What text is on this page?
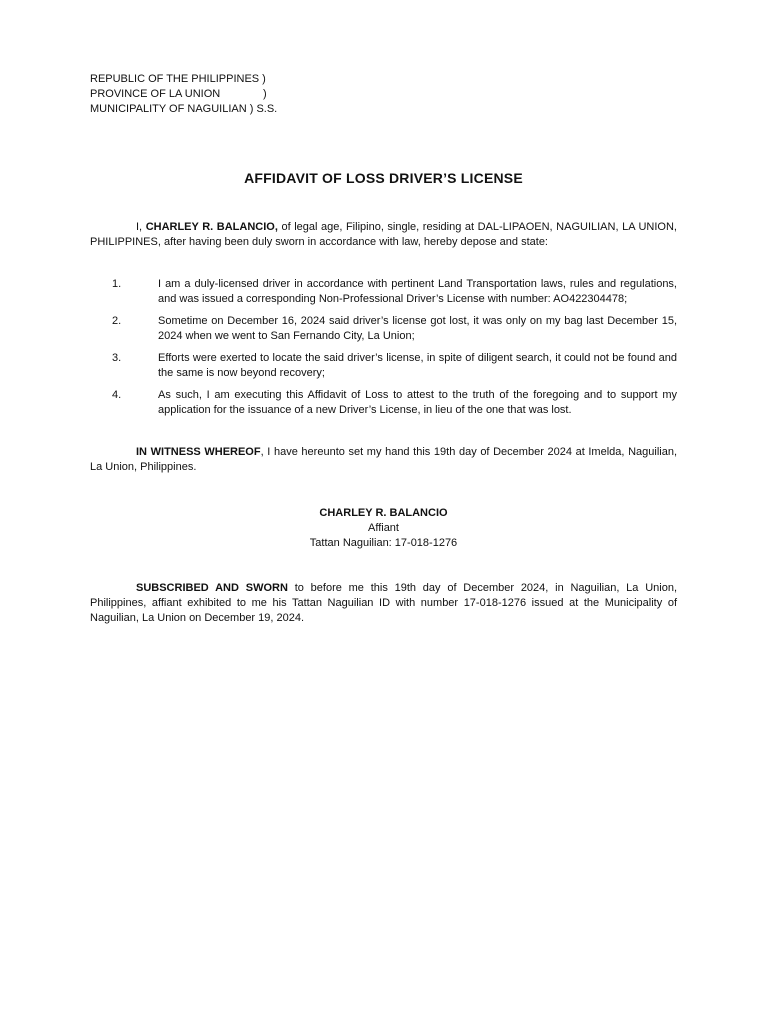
REPUBLIC OF THE PHILIPPINES )
PROVINCE OF LA UNION              )
MUNICIPALITY OF NAGUILIAN ) S.S.
AFFIDAVIT OF LOSS DRIVER’S LICENSE

I, CHARLEY R. BALANCIO, of legal age, Filipino, single, residing at DAL-LIPAOEN, NAGUILIAN, LA UNION, PHILIPPINES, after having been duly sworn in accordance with law, hereby depose and state:

1.	I am a duly-licensed driver in accordance with pertinent Land Transportation laws, rules and regulations, and was issued a corresponding Non-Professional Driver’s License with number: AO422304478;
2.	Sometime on December 16, 2024 said driver’s license got lost, it was only on my bag last December 15, 2024 when we went to San Fernando City, La Union;
3.	Efforts were exerted to locate the said driver’s license, in spite of diligent search, it could not be found and the same is now beyond recovery;
4.	As such, I am executing this Affidavit of Loss to attest to the truth of the foregoing and to support my application for the issuance of a new Driver’s License, in lieu of the one that was lost.

IN WITNESS WHEREOF, I have hereunto set my hand this 19th day of December 2024 at Imelda, Naguilian, La Union, Philippines.

CHARLEY R. BALANCIO
Affiant
Tattan Naguilian: 17-018-1276

SUBSCRIBED AND SWORN to before me this 19th day of December 2024, in Naguilian, La Union, Philippines, affiant exhibited to me his Tattan Naguilian ID with number 17-018-1276 issued at the Municipality of Naguilian, La Union on December 19, 2024.
